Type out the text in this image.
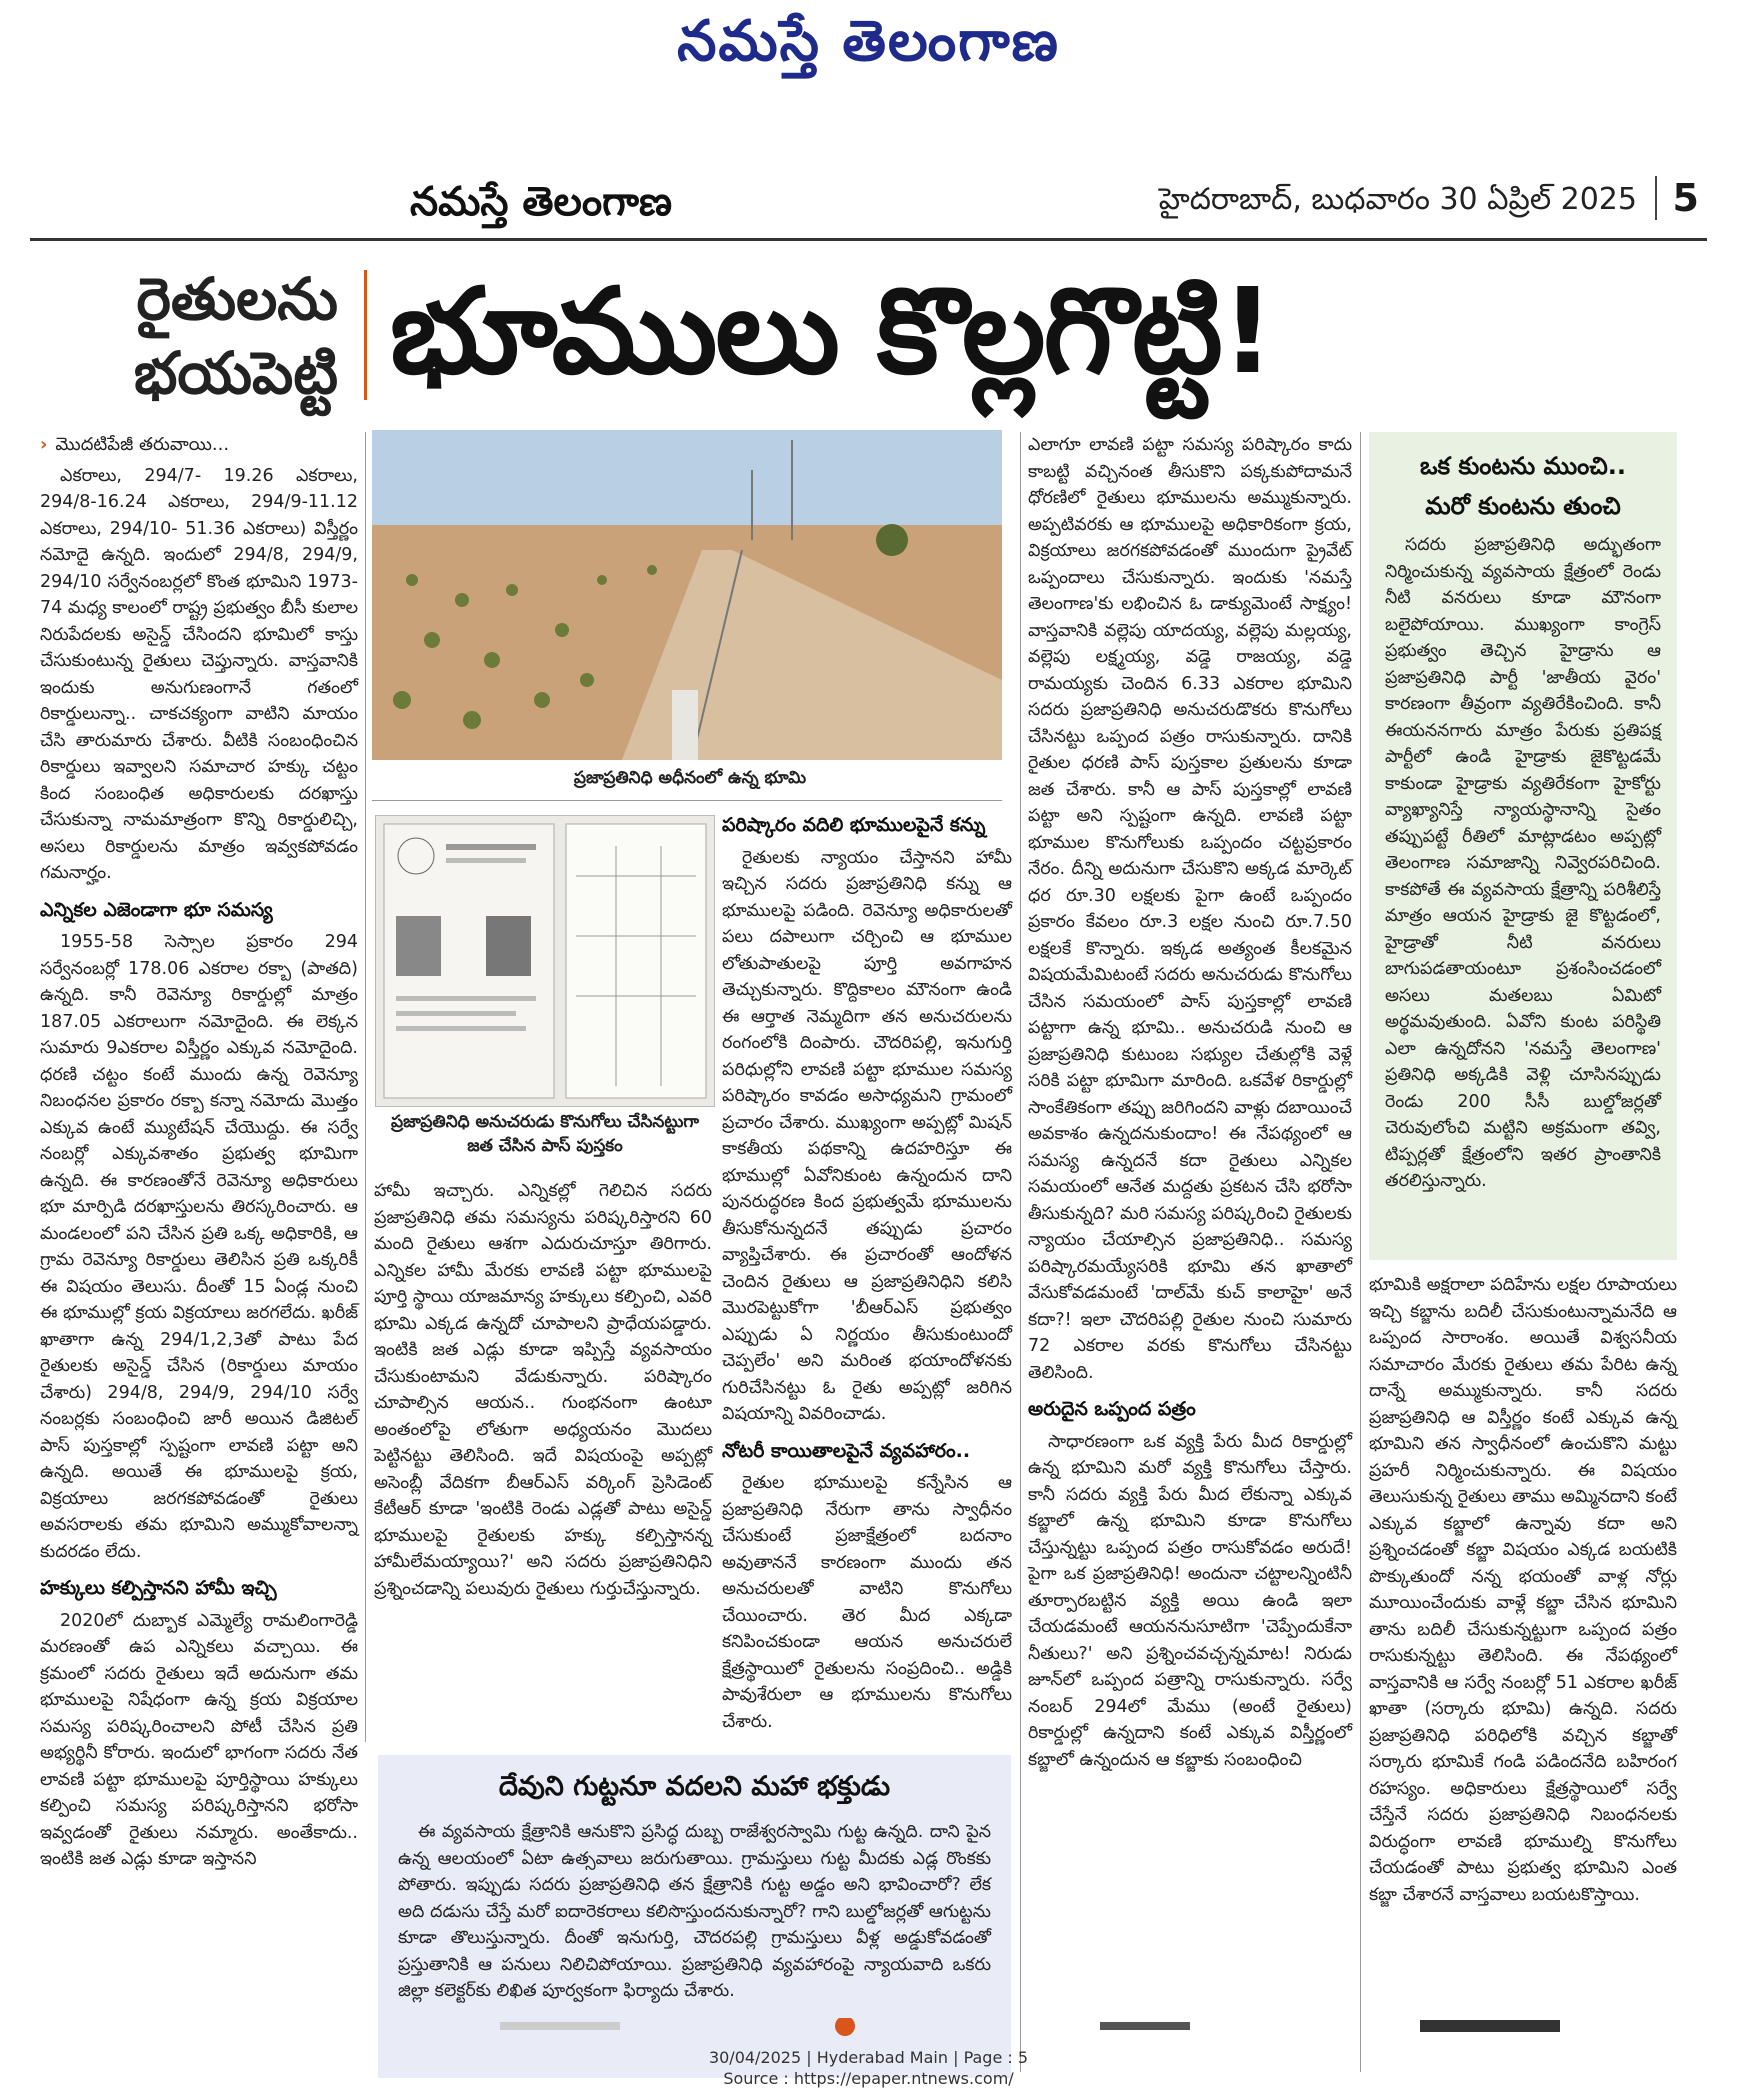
నమస్తే తెలంగాణ
నమస్తే తెలంగాణ	హైదరాబాద్, బుధవారం 30 ఏప్రిల్ 2025 5
రైతులను
భయపెట్టి భూములు కొల్లగొట్టి!
› మొదటిపేజీ తరువాయి...

ఎకరాలు, 294/7- 19.26 ఎకరాలు, 294/8-16.24 ఎకరాలు, 294/9-11.12 ఎకరాలు, 294/10- 51.36 ఎకరాలు) విస్తీర్ణం నమోదై ఉన్నది. ఇందులో 294/8, 294/9, 294/10 సర్వేనంబర్లలో కొంత భూమిని 1973-74 మధ్య కాలంలో రాష్ట్ర ప్రభుత్వం బీసీ కులాల నిరుపేదలకు అసైన్డ్ చేసిందని భూమిలో కాస్తు చేసుకుంటున్న రైతులు చెప్తున్నారు. వాస్తవానికి ఇందుకు అనుగుణంగానే గతంలో రికార్డులున్నా.. చాకచక్యంగా వాటిని మాయం చేసి తారుమారు చేశారు. వీటికి సంబంధించిన రికార్డులు ఇవ్వాలని సమాచార హక్కు చట్టం కింద సంబంధిత అధికారులకు దరఖాస్తు చేసుకున్నా నామమాత్రంగా కొన్ని రికార్డులిచ్చి, అసలు రికార్డులను మాత్రం ఇవ్వకపోవడం గమనార్హం.

ఎన్నికల ఎజెండాగా భూ సమస్య

1955-58 సెస్సాల ప్రకారం 294 సర్వేనంబర్లో 178.06 ఎకరాల రక్బా (పాతది) ఉన్నది. కానీ రెవెన్యూ రికార్డుల్లో మాత్రం 187.05 ఎకరాలుగా నమోదైంది. ఈ లెక్కన సుమారు 9ఎకరాల విస్తీర్ణం ఎక్కువ నమోదైంది. ధరణి చట్టం కంటే ముందు ఉన్న రెవెన్యూ నిబంధనల ప్రకారం రక్బా కన్నా నమోదు మొత్తం ఎక్కువ ఉంటే మ్యుటేషన్ చేయొద్దు. ఈ సర్వే నంబర్లో ఎక్కువశాతం ప్రభుత్వ భూమిగా ఉన్నది. ఈ కారణంతోనే రెవెన్యూ అధికారులు భూ మార్పిడి దరఖాస్తులను తిరస్కరించారు. ఆ మండలంలో పని చేసిన ప్రతి ఒక్క అధికారికి, ఆ గ్రామ రెవెన్యూ రికార్డులు తెలిసిన ప్రతి ఒక్కరికీ ఈ విషయం తెలుసు. దీంతో 15 ఏండ్ల నుంచి ఈ భూముల్లో క్రయ విక్రయాలు జరగలేదు. ఖరీజ్ ఖాతాగా ఉన్న 294/1,2,3తో పాటు పేద రైతులకు అసైన్డ్ చేసిన (రికార్డులు మాయం చేశారు) 294/8, 294/9, 294/10 సర్వే నంబర్లకు సంబంధించి జారీ అయిన డిజిటల్ పాస్ పుస్తకాల్లో స్పష్టంగా లావణి పట్టా అని ఉన్నది. అయితే ఈ భూములపై క్రయ, విక్రయాలు జరగకపోవడంతో రైతులు అవసరాలకు తమ భూమిని అమ్ముకోవాలన్నా కుదరడం లేదు.

హక్కులు కల్పిస్తానని హామీ ఇచ్చి

2020లో దుబ్బాక ఎమ్మెల్యే రామలింగారెడ్డి మరణంతో ఉప ఎన్నికలు వచ్చాయి. ఈ క్రమంలో సదరు రైతులు ఇదే అదునుగా తమ భూములపై నిషేధంగా ఉన్న క్రయ విక్రయాల సమస్య పరిష్కరించాలని పోటీ చేసిన ప్రతి అభ్యర్థినీ కోరారు. ఇందులో భాగంగా సదరు నేత లావణి పట్టా భూములపై పూర్తిస్థాయి హక్కులు కల్పించి సమస్య పరిష్కరిస్తానని భరోసా ఇవ్వడంతో రైతులు నమ్మారు. అంతేకాదు.. ఇంటికి జత ఎడ్లు కూడా ఇస్తానని

ప్రజాప్రతినిధి అధీనంలో ఉన్న భూమి
ప్రజాప్రతినిధి అనుచరుడు కొనుగోలు చేసినట్టుగా జత చేసిన పాస్ పుస్తకం

హామీ ఇచ్చారు. ఎన్నికల్లో గెలిచిన సదరు ప్రజాప్రతినిధి తమ సమస్యను పరిష్కరిస్తారని 60 మంది రైతులు ఆశగా ఎదురుచూస్తూ తిరిగారు. ఎన్నికల హామీ మేరకు లావణి పట్టా భూములపై పూర్తి స్థాయి యాజమాన్య హక్కులు కల్పించి, ఎవరి భూమి ఎక్కడ ఉన్నదో చూపాలని ప్రాధేయపడ్డారు. ఇంటికి జత ఎడ్లు కూడా ఇప్పిస్తే వ్యవసాయం చేసుకుంటామని వేడుకున్నారు. పరిష్కారం చూపాల్సిన ఆయన.. గుంభనంగా ఉంటూ అంతంలోపై లోతుగా అధ్యయనం మొదలు పెట్టినట్టు తెలిసింది. ఇదే విషయంపై అప్పట్లో అసెంబ్లీ వేదికగా బీఆర్ఎస్ వర్కింగ్ ప్రెసిడెంట్ కేటీఆర్ కూడా 'ఇంటికి రెండు ఎడ్లతో పాటు అసైన్డ్ భూములపై రైతులకు హక్కు కల్పిస్తానన్న హామీలేమయ్యాయి?' అని సదరు ప్రజాప్రతినిధిని ప్రశ్నించడాన్ని పలువురు రైతులు గుర్తుచేస్తున్నారు.

పరిష్కారం వదిలి భూములపైనే కన్ను

రైతులకు న్యాయం చేస్తానని హామీ ఇచ్చిన సదరు ప్రజాప్రతినిధి కన్ను ఆ భూములపై పడింది. రెవెన్యూ అధికారులతో పలు దపాలుగా చర్చించి ఆ భూముల లోతుపాతులపై పూర్తి అవగాహన తెచ్చుకున్నారు. కొద్దికాలం మౌనంగా ఉండి ఈ ఆర్తాత నెమ్మదిగా తన అనుచరులను రంగంలోకి దింపారు. చౌదరిపల్లి, ఇనుగుర్తి పరిధుల్లోని లావణి పట్టా భూముల సమస్య పరిష్కారం కావడం అసాధ్యమని గ్రామంలో ప్రచారం చేశారు. ముఖ్యంగా అప్పట్లో మిషన్ కాకతీయ పథకాన్ని ఉదహరిస్తూ ఈ భూముల్లో ఏవోనికుంట ఉన్నందున దాని పునరుద్ధరణ కింద ప్రభుత్వమే భూములను తీసుకోనున్నదనే తప్పుడు ప్రచారం వ్యాప్తిచేశారు. ఈ ప్రచారంతో ఆందోళన చెందిన రైతులు ఆ ప్రజాప్రతినిధిని కలిసి మొరపెట్టుకోగా 'బీఆర్ఎస్ ప్రభుత్వం ఎప్పుడు ఏ నిర్ణయం తీసుకుంటుందో చెప్పలేం' అని మరింత భయాందోళనకు గురిచేసినట్టు ఓ రైతు అప్పట్లో జరిగిన విషయాన్ని వివరించాడు.

నోటరీ కాయితాలపైనే వ్యవహారం..

రైతుల భూములపై కన్నేసిన ఆ ప్రజాప్రతినిధి నేరుగా తాను స్వాధీనం చేసుకుంటే ప్రజాక్షేత్రంలో బదనాం అవుతాననే కారణంగా ముందు తన అనుచరులతో వాటిని కొనుగోలు చేయించారు. తెర మీద ఎక్కడా కనిపించకుండా ఆయన అనుచరులే క్షేత్రస్థాయిలో రైతులను సంప్రదించి.. అడ్డికి పావుశేరులా ఆ భూములను కొనుగోలు చేశారు.

ఎలాగూ లావణి పట్టా సమస్య పరిష్కారం కాదు కాబట్టి వచ్చినంత తీసుకొని పక్కకుపోదామనే ధోరణిలో రైతులు భూములను అమ్ముకున్నారు. అప్పటివరకు ఆ భూములపై అధికారికంగా క్రయ, విక్రయాలు జరగకపోవడంతో ముందుగా ప్రైవేట్ ఒప్పందాలు చేసుకున్నారు. ఇందుకు 'నమస్తే తెలంగాణ'కు లభించిన ఓ డాక్యుమెంటే సాక్ష్యం! వాస్తవానికి వల్లెపు యాదయ్య, వల్లెపు మల్లయ్య, వల్లెపు లక్ష్మయ్య, వడ్డె రాజయ్య, వడ్డె రామయ్యకు చెందిన 6.33 ఎకరాల భూమిని సదరు ప్రజాప్రతినిధి అనుచరుడొకరు కొనుగోలు చేసినట్టు ఒప్పంద పత్రం రాసుకున్నారు. దానికి రైతుల ధరణి పాస్ పుస్తకాల ప్రతులను కూడా జత చేశారు. కానీ ఆ పాస్ పుస్తకాల్లో లావణి పట్టా అని స్పష్టంగా ఉన్నది. లావణి పట్టా భూముల కొనుగోలుకు ఒప్పందం చట్టప్రకారం నేరం. దీన్ని అదునుగా చేసుకొని అక్కడ మార్కెట్ ధర రూ.30 లక్షలకు పైగా ఉంటే ఒప్పందం ప్రకారం కేవలం రూ.3 లక్షల నుంచి రూ.7.50 లక్షలకే కొన్నారు. ఇక్కడ అత్యంత కీలకమైన విషయమేమిటంటే సదరు అనుచరుడు కొనుగోలు చేసిన సమయంలో పాస్ పుస్తకాల్లో లావణి పట్టాగా ఉన్న భూమి.. అనుచరుడి నుంచి ఆ ప్రజాప్రతినిధి కుటుంబ సభ్యుల చేతుల్లోకి వెళ్లే సరికి పట్టా భూమిగా మారింది. ఒకవేళ రికార్డుల్లో సాంకేతికంగా తప్పు జరిగిందని వాళ్లు దబాయించే అవకాశం ఉన్నదనుకుందాం! ఈ నేపథ్యంలో ఆ సమస్య ఉన్నదనే కదా రైతులు ఎన్నికల సమయంలో ఆనేత మద్దతు ప్రకటన చేసి భరోసా తీసుకున్నది? మరి సమస్య పరిష్కరించి రైతులకు న్యాయం చేయాల్సిన ప్రజాప్రతినిధి.. సమస్య పరిష్కారమయ్యేసరికి భూమి తన ఖాతాలో వేసుకోవడమంటే 'దాల్‌మే కుచ్ కాలాహై' అనే కదా?! ఇలా చౌదరిపల్లి రైతుల నుంచి సుమారు 72 ఎకరాల వరకు కొనుగోలు చేసినట్టు తెలిసింది.

అరుదైన ఒప్పంద పత్రం

సాధారణంగా ఒక వ్యక్తి పేరు మీద రికార్డుల్లో ఉన్న భూమిని మరో వ్యక్తి కొనుగోలు చేస్తారు. కానీ సదరు వ్యక్తి పేరు మీద లేకున్నా ఎక్కువ కబ్జాలో ఉన్న భూమిని కూడా కొనుగోలు చేస్తున్నట్టు ఒప్పంద పత్రం రాసుకోవడం అరుదే! పైగా ఒక ప్రజాప్రతినిధి! అందునా చట్టాలన్నింటినీ తూర్పారబట్టిన వ్యక్తి అయి ఉండి ఇలా చేయడమంటే ఆయననుసూటిగా 'చెప్పేందుకేనా నీతులు?' అని ప్రశ్నించవచ్చన్నమాట! నిరుడు జూన్‌లో ఒప్పంద పత్రాన్ని రాసుకున్నారు. సర్వే నంబర్ 294లో మేము (అంటే రైతులు) రికార్డుల్లో ఉన్నదాని కంటే ఎక్కువ విస్తీర్ణంలో కబ్జాలో ఉన్నందున ఆ కబ్జాకు సంబంధించి

ఒక కుంటను ముంచి..
మరో కుంటను తుంచి

సదరు ప్రజాప్రతినిధి అద్భుతంగా నిర్మించుకున్న వ్యవసాయ క్షేత్రంలో రెండు నీటి వనరులు కూడా మౌనంగా బలైపోయాయి. ముఖ్యంగా కాంగ్రెస్ ప్రభుత్వం తెచ్చిన హైడ్రాను ఆ ప్రజాప్రతినిధి పార్టీ 'జాతీయ వైరం' కారణంగా తీవ్రంగా వ్యతిరేకించింది. కానీ ఈయననగారు మాత్రం పేరుకు ప్రతిపక్ష పార్టీలో ఉండి హైడ్రాకు జైకొట్టడమే కాకుండా హైడ్రాకు వ్యతిరేకంగా హైకోర్టు వ్యాఖ్యానిస్తే న్యాయస్థానాన్ని సైతం తప్పుపట్టే రీతిలో మాట్లాడటం అప్పట్లో తెలంగాణ సమాజాన్ని నివ్వెరపరిచింది. కాకపోతే ఈ వ్యవసాయ క్షేత్రాన్ని పరిశీలిస్తే మాత్రం ఆయన హైడ్రాకు జై కొట్టడంలో, హైడ్రాతో నీటి వనరులు బాగుపడతాయంటూ ప్రశంసించడంలో అసలు మతలబు ఏమిటో అర్థమవుతుంది. ఏవోని కుంట పరిస్థితి ఎలా ఉన్నదోనని 'నమస్తే తెలంగాణ' ప్రతినిధి అక్కడికి వెళ్లి చూసినప్పుడు రెండు 200 సీసీ బుల్డోజర్లతో చెరువులోంచి మట్టిని అక్రమంగా తవ్వి, టిప్పర్లతో క్షేత్రంలోని ఇతర ప్రాంతానికి తరలిస్తున్నారు.

భూమికి అక్షరాలా పదిహేను లక్షల రూపాయలు ఇచ్చి కబ్జాను బదిలీ చేసుకుంటున్నామనేది ఆ ఒప్పంద సారాంశం. అయితే విశ్వసనీయ సమాచారం మేరకు రైతులు తమ పేరిట ఉన్న దాన్నే అమ్ముకున్నారు. కానీ సదరు ప్రజాప్రతినిధి ఆ విస్తీర్ణం కంటే ఎక్కువ ఉన్న భూమిని తన స్వాధీనంలో ఉంచుకొని మట్టు ప్రహరీ నిర్మించుకున్నారు. ఈ విషయం తెలుసుకున్న రైతులు తాము అమ్మినదాని కంటే ఎక్కువ కబ్జాలో ఉన్నావు కదా అని ప్రశ్నించడంతో కబ్జా విషయం ఎక్కడ బయటికి పొక్కుతుందో నన్న భయంతో వాళ్ల నోర్లు మూయించేందుకు వాళ్లే కబ్జా చేసిన భూమిని తాను బదిలీ చేసుకున్నట్టుగా ఒప్పంద పత్రం రాసుకున్నట్టు తెలిసింది. ఈ నేపథ్యంలో వాస్తవానికి ఆ సర్వే నంబర్లో 51 ఎకరాల ఖరీజ్ ఖాతా (సర్కారు భూమి) ఉన్నది. సదరు ప్రజాప్రతినిధి పరిధిలోకి వచ్చిన కబ్జాతో సర్కారు భూమికే గండి పడిందనేది బహిరంగ రహస్యం. అధికారులు క్షేత్రస్థాయిలో సర్వే చేస్తేనే సదరు ప్రజాప్రతినిధి నిబంధనలకు విరుద్ధంగా లావణి భూముల్ని కొనుగోలు చేయడంతో పాటు ప్రభుత్వ భూమిని ఎంత కబ్జా చేశారనే వాస్తవాలు బయటకొస్తాయి.

దేవుని గుట్టనూ వదలని మహా భక్తుడు

ఈ వ్యవసాయ క్షేత్రానికి ఆనుకొని ప్రసిద్ధ దుబ్బ రాజేశ్వరస్వామి గుట్ట ఉన్నది. దాని పైన ఉన్న ఆలయంలో ఏటా ఉత్సవాలు జరుగుతాయి. గ్రామస్తులు గుట్ట మీదకు ఎడ్ల రొంకకు పోతారు. ఇప్పుడు సదరు ప్రజాప్రతినిధి తన క్షేత్రానికి గుట్ట అడ్డం అని భావించారో? లేక అది దడుసు చేస్తే మరో ఐదారెకరాలు కలిసొస్తుందనుకున్నారో? గాని బుల్డోజర్లతో ఆగుట్టను కూడా తొలుస్తున్నారు. దీంతో ఇనుగుర్తి, చౌదరపల్లి గ్రామస్తులు వీళ్ల అడ్డుకోవడంతో ప్రస్తుతానికి ఆ పనులు నిలిచిపోయాయి. ప్రజాప్రతినిధి వ్యవహారంపై న్యాయవాది ఒకరు జిల్లా కలెక్టర్‌కు లిఖిత పూర్వకంగా ఫిర్యాదు చేశారు.

30/04/2025 | Hyderabad Main | Page : 5
Source : https://epaper.ntnews.com/
